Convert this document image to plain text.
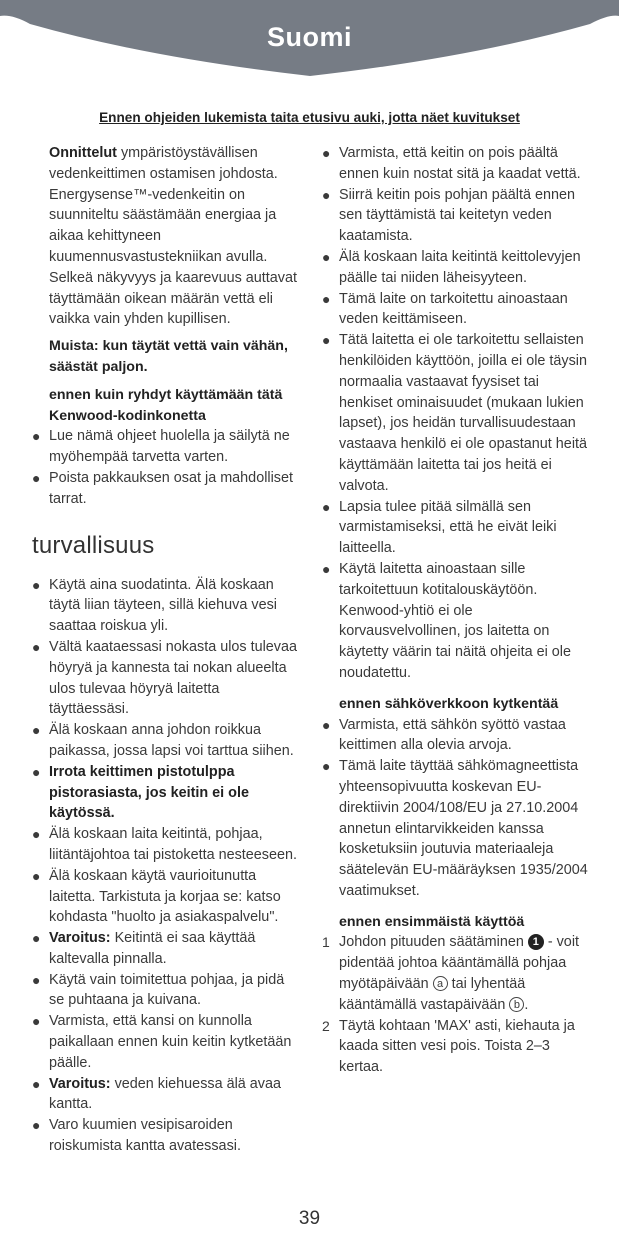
Suomi
Ennen ohjeiden lukemista taita etusivu auki, jotta näet kuvitukset

Onnittelut ympäristöystävällisen vedenkeittimen ostamisen johdosta. Energysense™-vedenkeitin on suunniteltu säästämään energiaa ja aikaa kehittyneen kuumennusvastustekniikan avulla. Selkeä näkyvyys ja kaarevuus auttavat täyttämään oikean määrän vettä eli vaikka vain yhden kupillisen.

Muista: kun täytät vettä vain vähän, säästät paljon.

ennen kuin ryhdyt käyttämään tätä Kenwood-kodinkonetta

● Lue nämä ohjeet huolella ja säilytä ne myöhempää tarvetta varten.
● Poista pakkauksen osat ja mahdolliset tarrat.
turvallisuus
● Käytä aina suodatinta. Älä koskaan täytä liian täyteen, sillä kiehuva vesi saattaa roiskua yli.
● Vältä kaataessasi nokasta ulos tulevaa höyryä ja kannesta tai nokan alueelta ulos tulevaa höyryä laitetta täyttäessäsi.
● Älä koskaan anna johdon roikkua paikassa, jossa lapsi voi tarttua siihen.
● Irrota keittimen pistotulppa pistorasiasta, jos keitin ei ole käytössä.
● Älä koskaan laita keitintä, pohjaa, liitäntäjohtoa tai pistoketta nesteeseen.
● Älä koskaan käytä vaurioitunutta laitetta. Tarkistuta ja korjaa se: katso kohdasta "huolto ja asiakaspalvelu".
● Varoitus: Keitintä ei saa käyttää kaltevalla pinnalla.
● Käytä vain toimitettua pohjaa, ja pidä se puhtaana ja kuivana.
● Varmista, että kansi on kunnolla paikallaan ennen kuin keitin kytketään päälle.
● Varoitus: veden kiehuessa älä avaa kantta.
● Varo kuumien vesipisaroiden roiskumista kantta avatessasi.
● Varmista, että keitin on pois päältä ennen kuin nostat sitä ja kaadat vettä.
● Siirrä keitin pois pohjan päältä ennen sen täyttämistä tai keitetyn veden kaatamista.
● Älä koskaan laita keitintä keittolevyjen päälle tai niiden läheisyyteen.
● Tämä laite on tarkoitettu ainoastaan veden keittämiseen.
● Tätä laitetta ei ole tarkoitettu sellaisten henkilöiden käyttöön, joilla ei ole täysin normaalia vastaavat fyysiset tai henkiset ominaisuudet (mukaan lukien lapset), jos heidän turvallisuudestaan vastaava henkilö ei ole opastanut heitä käyttämään laitetta tai jos heitä ei valvota.
● Lapsia tulee pitää silmällä sen varmistamiseksi, että he eivät leiki laitteella.
● Käytä laitetta ainoastaan sille tarkoitettuun kotitalouskäytöön. Kenwood-yhtiö ei ole korvausvelvollinen, jos laitetta on käytetty väärin tai näitä ohjeita ei ole noudatettu.

ennen sähköverkkoon kytkentää

● Varmista, että sähkön syöttö vastaa keittimen alla olevia arvoja.
● Tämä laite täyttää sähkömagneettista yhteensopivuutta koskevan EU-direktiivin 2004/108/EU ja 27.10.2004 annetun elintarvikkeiden kanssa kosketuksiin joutuvia materiaaleja säätelevän EU-määräyksen 1935/2004 vaatimukset.

ennen ensimmäistä käyttöä

1 Johdon pituuden säätäminen 1 - voit pidentää johtoa kääntämällä pohjaa myötäpäivään a tai lyhentää kääntämällä vastapäivään b .
2 Täytä kohtaan 'MAX' asti, kiehauta ja kaada sitten vesi pois. Toista 2–3 kertaa.
39
